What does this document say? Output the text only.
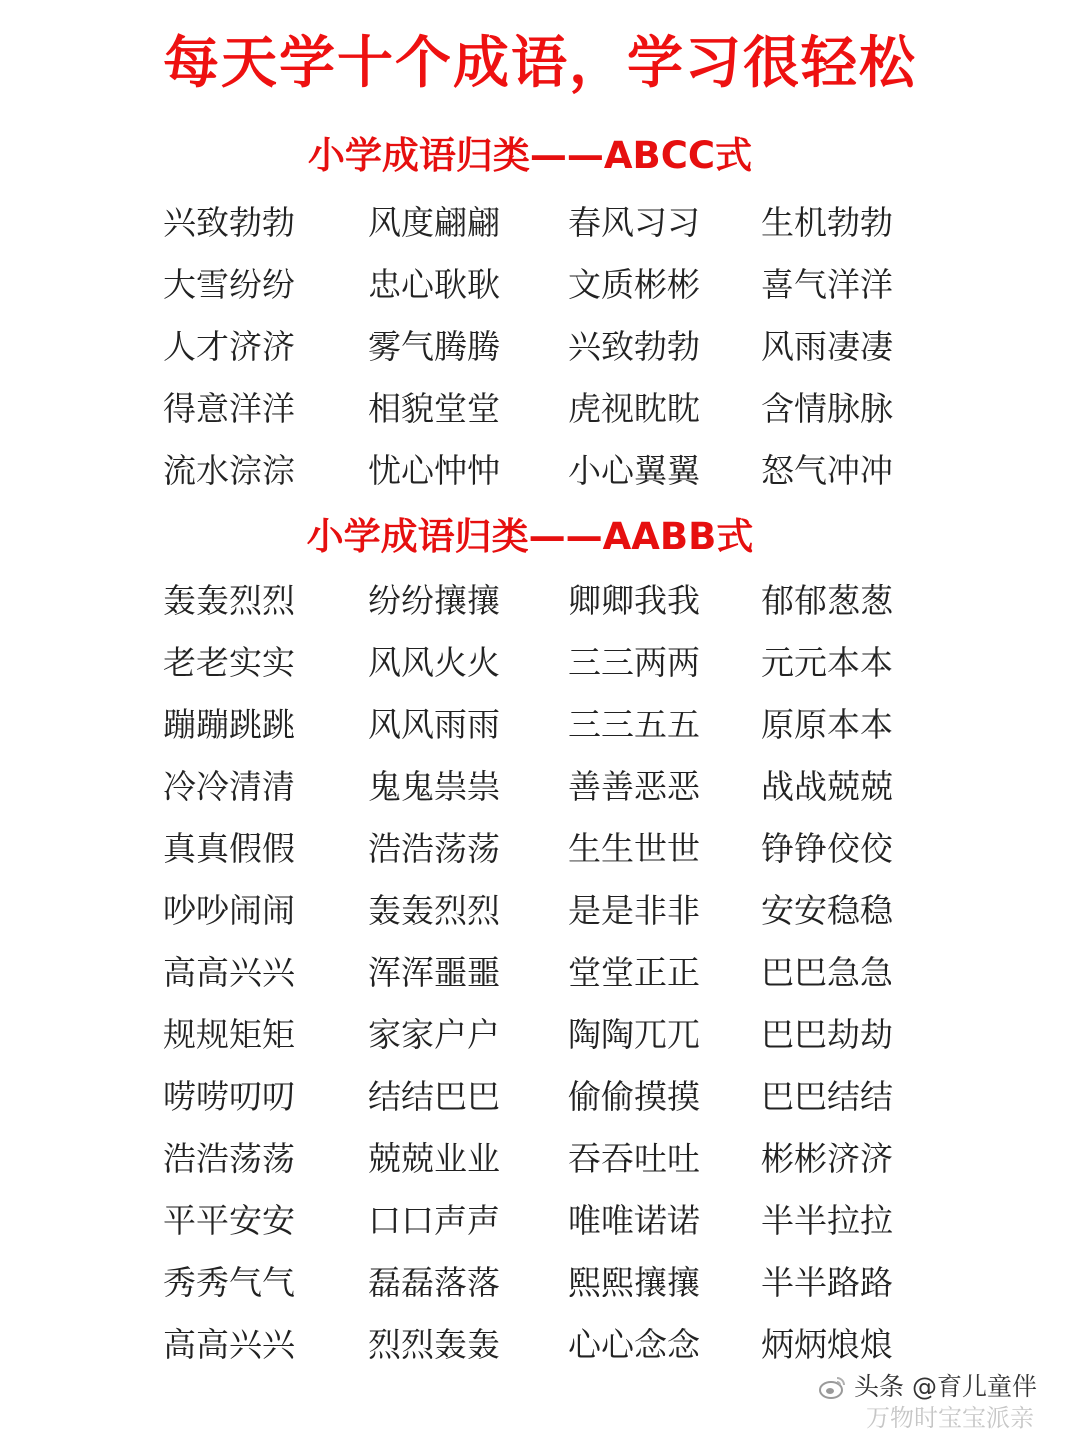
每天学十个成语，学习很轻松
小学成语归类——ABCC式
兴致勃勃	风度翩翩	春风习习	生机勃勃
大雪纷纷	忠心耿耿	文质彬彬	喜气洋洋
人才济济	雾气腾腾	兴致勃勃	风雨凄凄
得意洋洋	相貌堂堂	虎视眈眈	含情脉脉
流水淙淙	忧心忡忡	小心翼翼	怒气冲冲
小学成语归类——AABB式
轰轰烈烈	纷纷攘攘	卿卿我我	郁郁葱葱
老老实实	风风火火	三三两两	元元本本
蹦蹦跳跳	风风雨雨	三三五五	原原本本
冷冷清清	鬼鬼祟祟	善善恶恶	战战兢兢
真真假假	浩浩荡荡	生生世世	铮铮佼佼
吵吵闹闹	轰轰烈烈	是是非非	安安稳稳
高高兴兴	浑浑噩噩	堂堂正正	巴巴急急
规规矩矩	家家户户	陶陶兀兀	巴巴劫劫
唠唠叨叨	结结巴巴	偷偷摸摸	巴巴结结
浩浩荡荡	兢兢业业	吞吞吐吐	彬彬济济
平平安安	口口声声	唯唯诺诺	半半拉拉
秀秀气气	磊磊落落	熙熙攘攘	半半路路
高高兴兴	烈烈轰轰	心心念念	炳炳烺烺
头条 @育儿童伴
万物时宝宝派亲
